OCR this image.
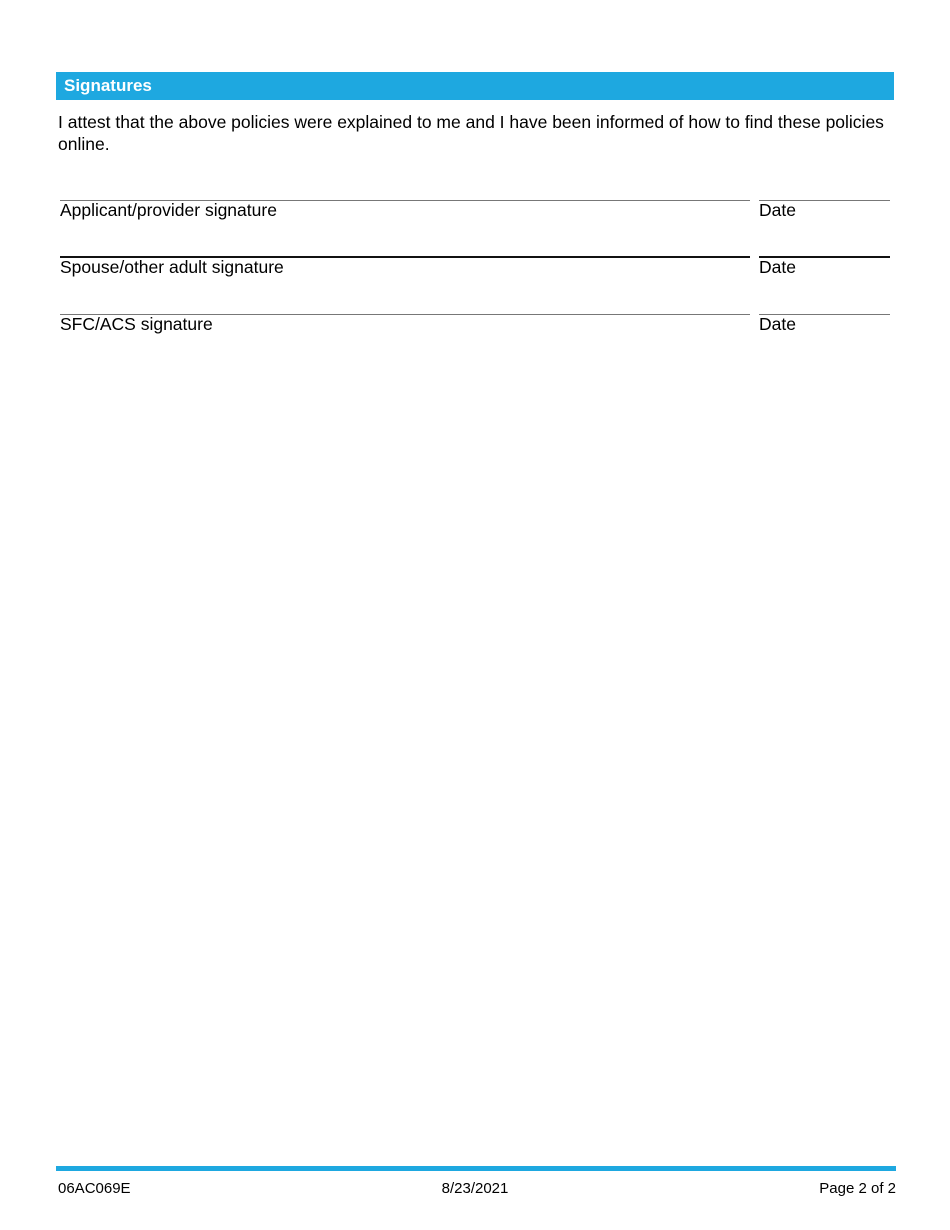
Signatures

I attest that the above policies were explained to me and I have been informed of how to find these policies online.

Applicant/provider signature	Date
Spouse/other adult signature	Date
SFC/ACS signature	Date
06AC069E	8/23/2021	Page 2 of 2
